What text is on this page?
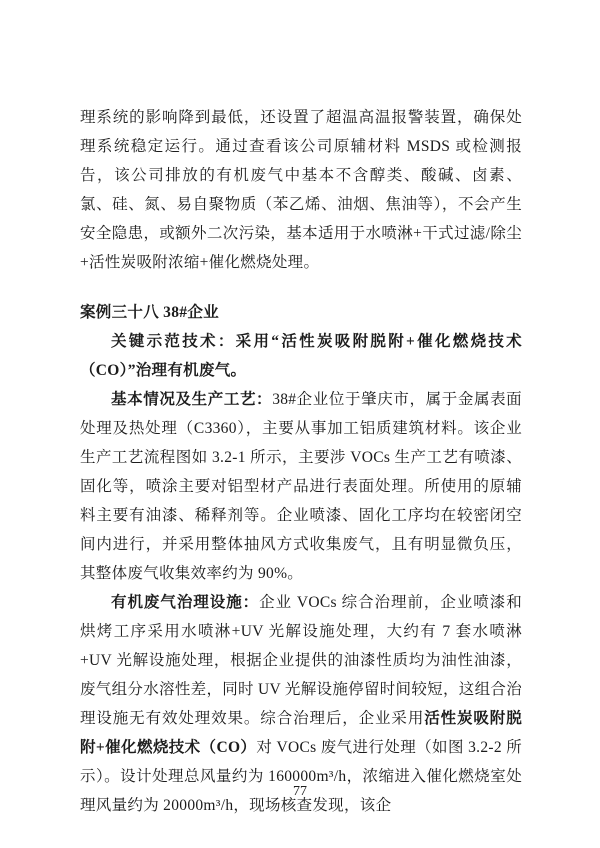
理系统的影响降到最低，还设置了超温高温报警装置，确保处理系统稳定运行。通过查看该公司原辅材料 MSDS 或检测报告，该公司排放的有机废气中基本不含醇类、酸碱、卤素、氯、硅、氮、易自聚物质（苯乙烯、油烟、焦油等），不会产生安全隐患，或额外二次污染，基本适用于水喷淋+干式过滤/除尘+活性炭吸附浓缩+催化燃烧处理。

案例三十八 38#企业

关键示范技术：采用“活性炭吸附脱附+催化燃烧技术（CO）”治理有机废气。

基本情况及生产工艺：38#企业位于肇庆市，属于金属表面处理及热处理（C3360），主要从事加工铝质建筑材料。该企业生产工艺流程图如 3.2-1 所示，主要涉 VOCs 生产工艺有喷漆、固化等，喷涂主要对铝型材产品进行表面处理。所使用的原辅料主要有油漆、稀释剂等。企业喷漆、固化工序均在较密闭空间内进行，并采用整体抽风方式收集废气，且有明显微负压，其整体废气收集效率约为 90%。

有机废气治理设施：企业 VOCs 综合治理前，企业喷漆和烘烤工序采用水喷淋+UV 光解设施处理，大约有 7 套水喷淋+UV 光解设施处理，根据企业提供的油漆性质均为油性油漆，废气组分水溶性差，同时 UV 光解设施停留时间较短，这组合治理设施无有效处理效果。综合治理后，企业采用活性炭吸附脱附+催化燃烧技术（CO）对 VOCs 废气进行处理（如图 3.2-2 所示）。设计处理总风量约为 160000m³/h，浓缩进入催化燃烧室处理风量约为 20000m³/h，现场核查发现，该企

77
